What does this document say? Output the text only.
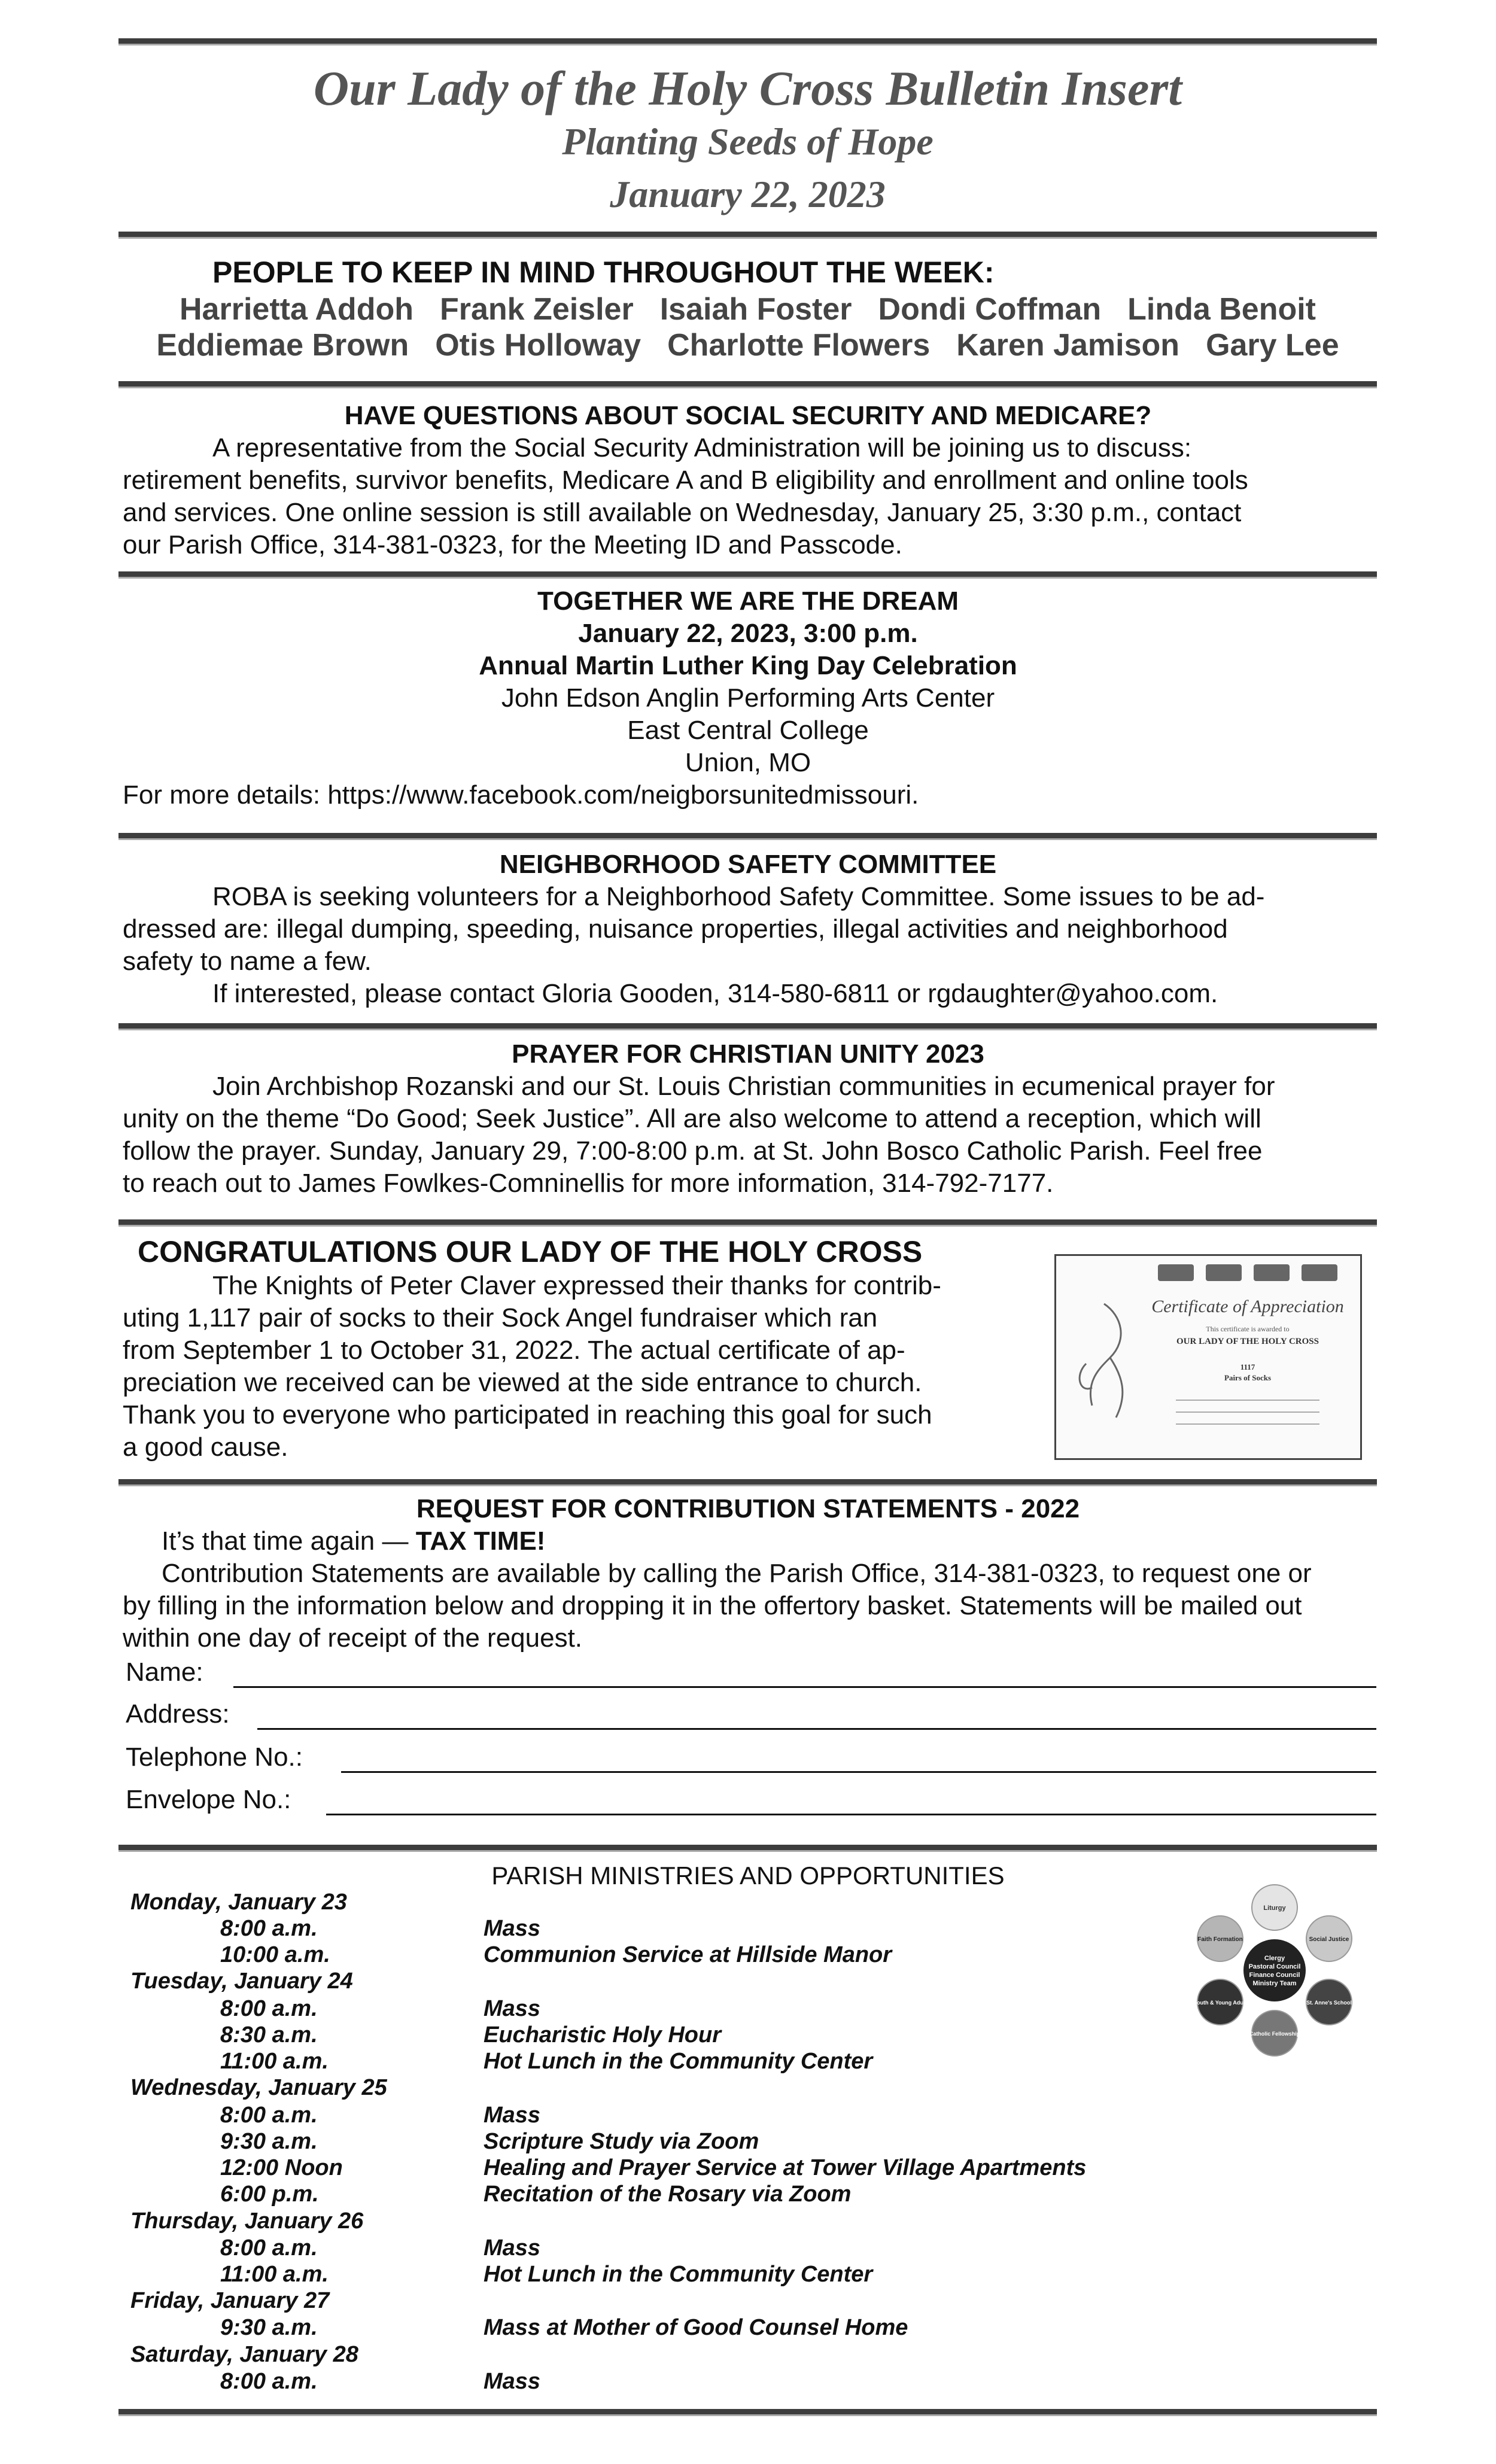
Our Lady of the Holy Cross Bulletin Insert
Planting Seeds of Hope
January 22, 2023
PEOPLE TO KEEP IN MIND THROUGHOUT THE WEEK:
Harrietta Addoh Frank Zeisler Isaiah Foster Dondi Coffman Linda Benoit
Eddiemae Brown Otis Holloway Charlotte Flowers Karen Jamison Gary Lee
HAVE QUESTIONS ABOUT SOCIAL SECURITY AND MEDICARE?
A representative from the Social Security Administration will be joining us to discuss:
retirement benefits, survivor benefits, Medicare A and B eligibility and enrollment and online tools
and services. One online session is still available on Wednesday, January 25, 3:30 p.m., contact
our Parish Office, 314-381-0323, for the Meeting ID and Passcode.
TOGETHER WE ARE THE DREAM
January 22, 2023, 3:00 p.m.
Annual Martin Luther King Day Celebration
John Edson Anglin Performing Arts Center
East Central College
Union, MO
For more details: https://www.facebook.com/neigborsunitedmissouri.
NEIGHBORHOOD SAFETY COMMITTEE
ROBA is seeking volunteers for a Neighborhood Safety Committee. Some issues to be ad-
dressed are: illegal dumping, speeding, nuisance properties, illegal activities and neighborhood
safety to name a few.
If interested, please contact Gloria Gooden, 314-580-6811 or rgdaughter@yahoo.com.
PRAYER FOR CHRISTIAN UNITY 2023
Join Archbishop Rozanski and our St. Louis Christian communities in ecumenical prayer for
unity on the theme “Do Good; Seek Justice”. All are also welcome to attend a reception, which will
follow the prayer. Sunday, January 29, 7:00-8:00 p.m. at St. John Bosco Catholic Parish. Feel free
to reach out to James Fowlkes-Comninellis for more information, 314-792-7177.
CONGRATULATIONS OUR LADY OF THE HOLY CROSS
The Knights of Peter Claver expressed their thanks for contrib-
uting 1,117 pair of socks to their Sock Angel fundraiser which ran
from September 1 to October 31, 2022. The actual certificate of ap-
preciation we received can be viewed at the side entrance to church.
Thank you to everyone who participated in reaching this goal for such
a good cause.
Certificate of Appreciation
This certificate is awarded to
OUR LADY OF THE HOLY CROSS
1117
Pairs of Socks
REQUEST FOR CONTRIBUTION STATEMENTS - 2022
It’s that time again — TAX TIME!
Contribution Statements are available by calling the Parish Office, 314-381-0323, to request one or
by filling in the information below and dropping it in the offertory basket. Statements will be mailed out
within one day of receipt of the request.
Name:
Address:
Telephone No.:
Envelope No.:
PARISH MINISTRIES AND OPPORTUNITIES
Monday, January 23
8:00 a.m.	Mass
10:00 a.m.	Communion Service at Hillside Manor
Tuesday, January 24
8:00 a.m.	Mass
8:30 a.m.	Eucharistic Holy Hour
11:00 a.m.	Hot Lunch in the Community Center
Wednesday, January 25
8:00 a.m.	Mass
9:30 a.m.	Scripture Study via Zoom
12:00 Noon	Healing and Prayer Service at Tower Village Apartments
6:00 p.m.	Recitation of the Rosary via Zoom
Thursday, January 26
8:00 a.m.	Mass
11:00 a.m.	Hot Lunch in the Community Center
Friday, January 27
9:30 a.m.	Mass at Mother of Good Counsel Home
Saturday, January 28
8:00 a.m.	Mass
Clergy
Pastoral Council
Finance Council
Ministry Team
Liturgy
Social Justice
St. Anne's School
Catholic Fellowship
Youth & Young Adult
Faith Formation
